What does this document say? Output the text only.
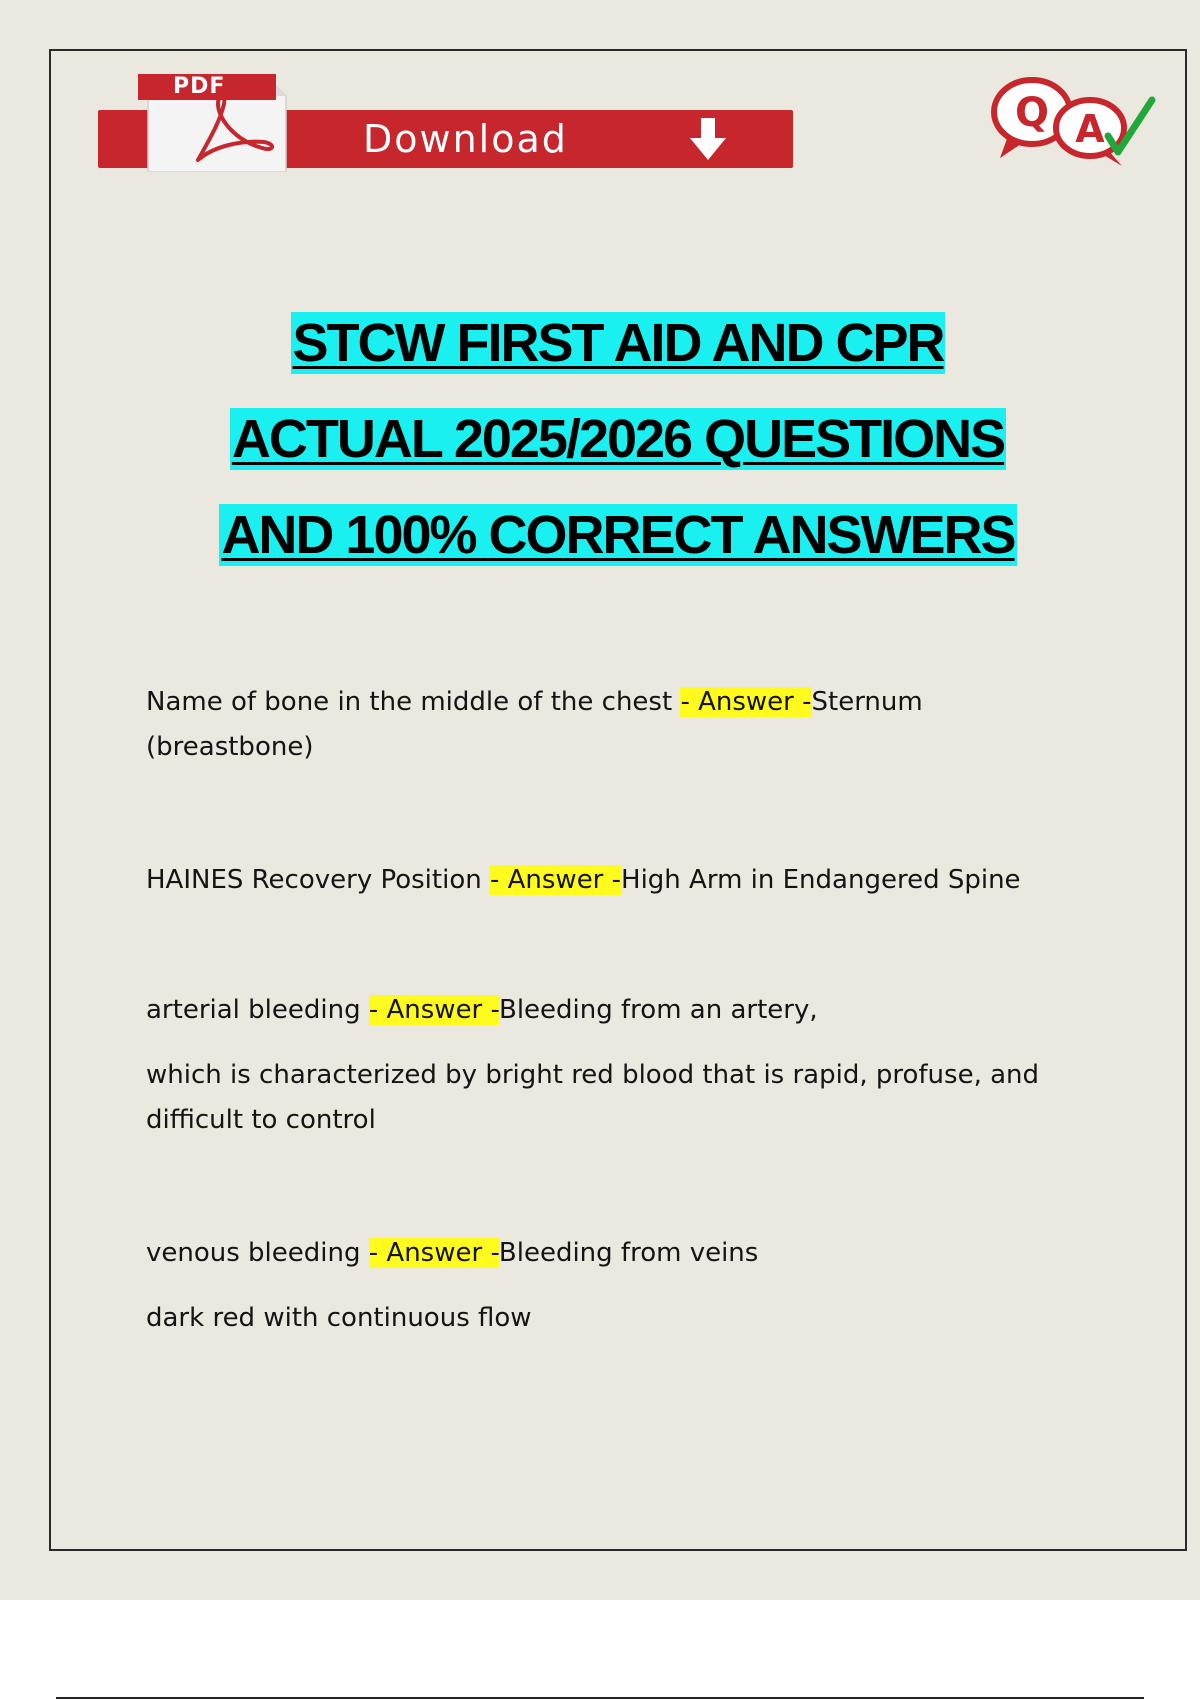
PDF
Download
Q A
STCW FIRST AID AND CPR
ACTUAL 2025/2026 QUESTIONS
AND 100% CORRECT ANSWERS
Name of bone in the middle of the chest - Answer -Sternum (breastbone)
HAINES Recovery Position - Answer -High Arm in Endangered Spine
arterial bleeding - Answer -Bleeding from an artery,
which is characterized by bright red blood that is rapid, profuse, and difficult to control
venous bleeding - Answer -Bleeding from veins
dark red with continuous flow
